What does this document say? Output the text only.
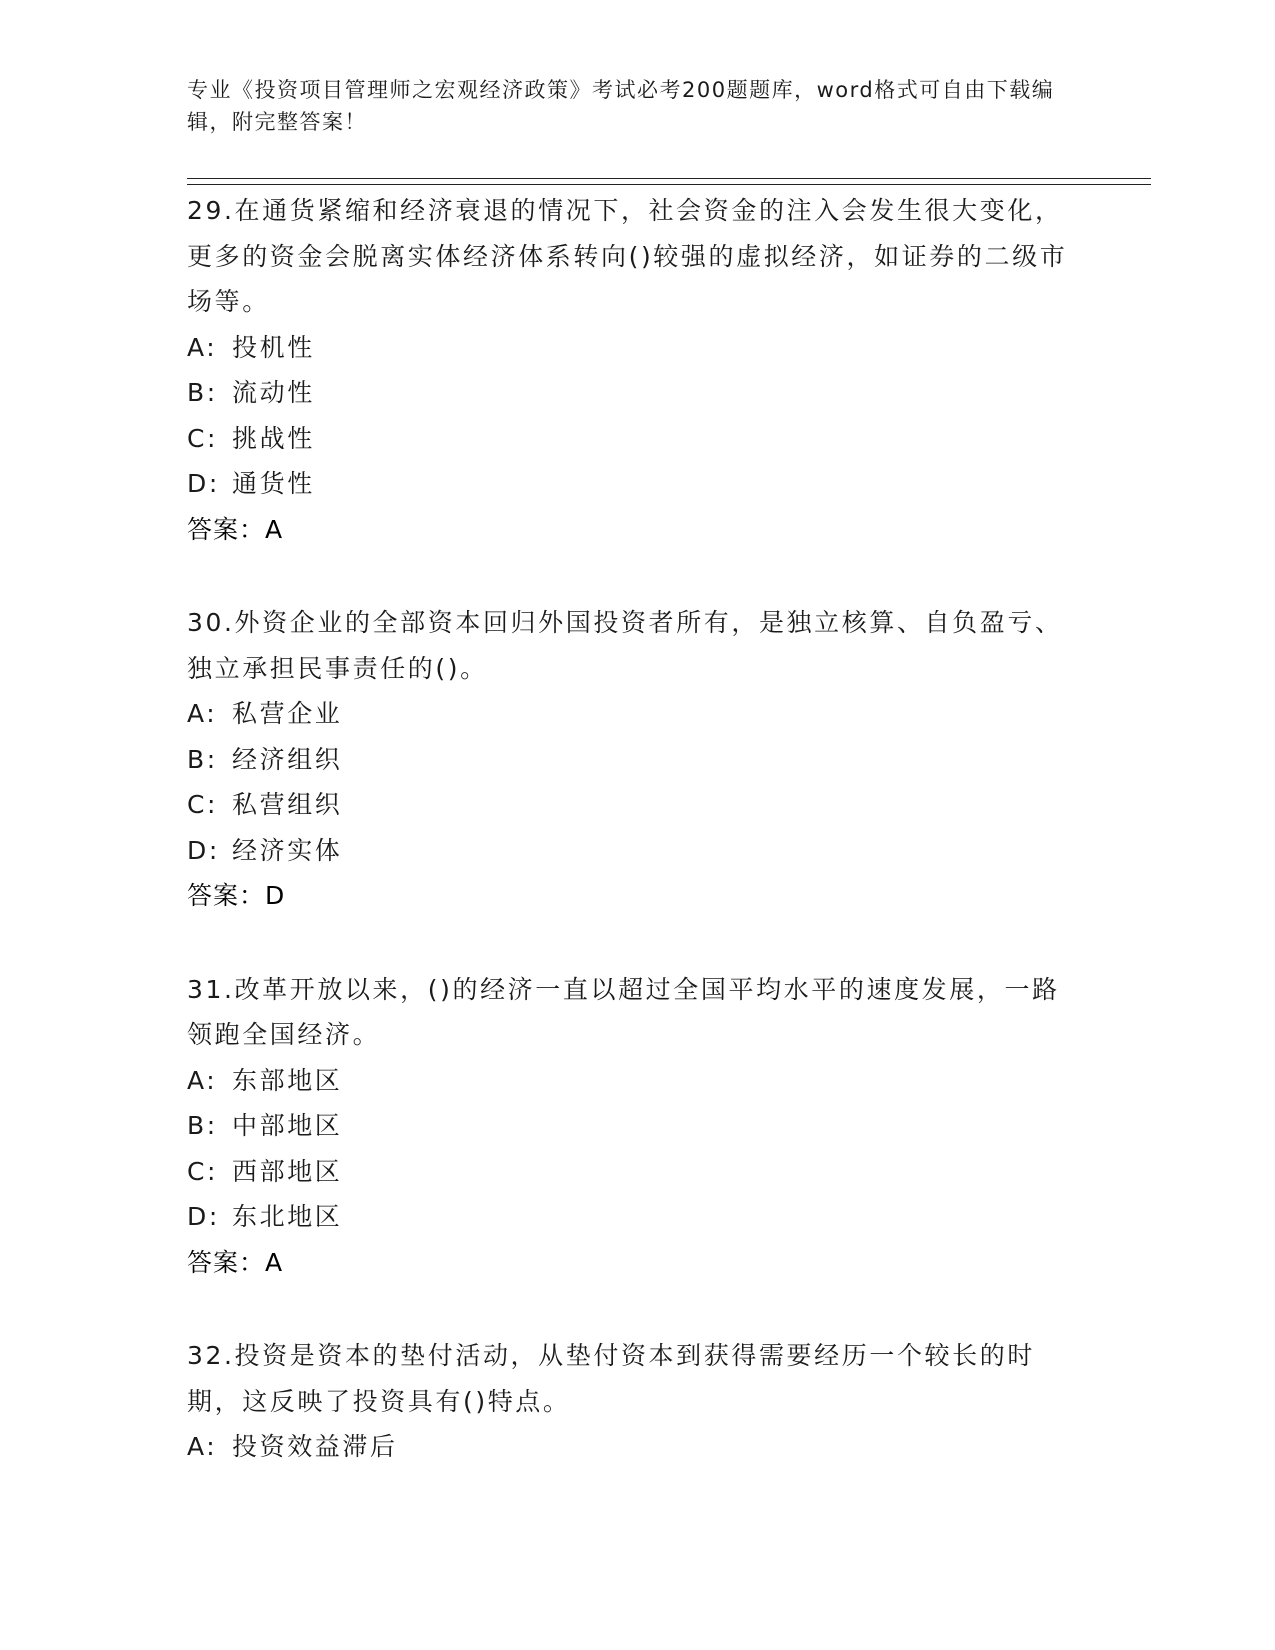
专业《投资项目管理师之宏观经济政策》考试必考200题题库，word格式可自由下载编辑，附完整答案！
29.在通货紧缩和经济衰退的情况下，社会资金的注入会发生很大变化，更多的资金会脱离实体经济体系转向()较强的虚拟经济，如证券的二级市场等。
A: 投机性
B: 流动性
C: 挑战性
D: 通货性
答案：A
30.外资企业的全部资本回归外国投资者所有，是独立核算、自负盈亏、独立承担民事责任的()。
A: 私营企业
B: 经济组织
C: 私营组织
D: 经济实体
答案：D
31.改革开放以来，()的经济一直以超过全国平均水平的速度发展，一路领跑全国经济。
A: 东部地区
B: 中部地区
C: 西部地区
D: 东北地区
答案：A
32.投资是资本的垫付活动，从垫付资本到获得需要经历一个较长的时期，这反映了投资具有()特点。
A: 投资效益滞后
